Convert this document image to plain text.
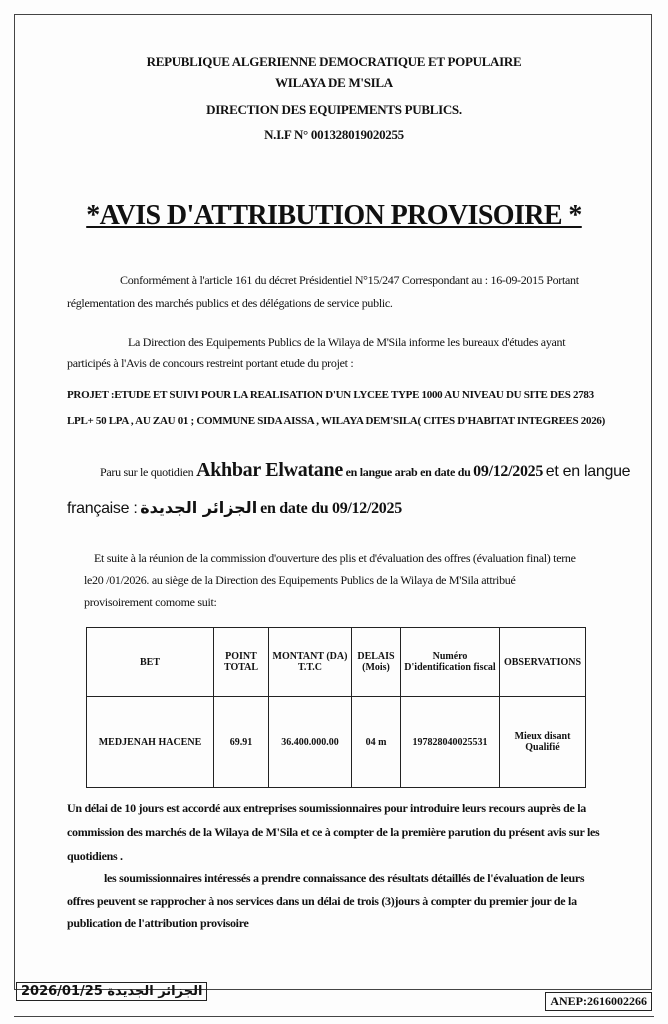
REPUBLIQUE ALGERIENNE DEMOCRATIQUE ET POPULAIRE
WILAYA DE M'SILA
DIRECTION DES EQUIPEMENTS PUBLICS.
N.I.F N° 001328019020255
*AVIS D'ATTRIBUTION PROVISOIRE *
Conformément à l'article 161 du décret Présidentiel N°15/247 Correspondant au : 16-09-2015 Portant
réglementation des marchés publics et des délégations de service public.
La Direction des Equipements Publics de la Wilaya de M'Sila informe les bureaux d'études ayant
participés à l'Avis de concours restreint portant etude du projet :
PROJET :ETUDE ET SUIVI POUR LA REALISATION D'UN LYCEE TYPE 1000 AU NIVEAU DU SITE DES 2783
LPL+ 50 LPA , AU ZAU 01 ; COMMUNE SIDA AISSA , WILAYA DEM'SILA( CITES D'HABITAT INTEGREES 2026)
Paru sur le quotidien Akhbar Elwatane en langue arab en date du 09/12/2025 et en langue
française : الجزائر الجديدة en date du 09/12/2025
Et suite à la réunion de la commission d'ouverture des plis et d'évaluation des offres (évaluation final) terne
le20 /01/2026. au siège de la Direction des Equipements Publics de la Wilaya de M'Sila attribué
provisoirement comome suit:
BET	POINT TOTAL	MONTANT (DA) T.T.C	DELAIS (Mois)	Numéro D'identification fiscal	OBSERVATIONS
MEDJENAH HACENE	69.91	36.400.000.00	04 m	197828040025531	Mieux disant Qualifié
Un délai de 10 jours est accordé aux entreprises soumissionnaires pour introduire leurs recours auprès de la
commission des marchés de la Wilaya de M'Sila et ce à compter de la première parution du présent avis sur les
quotidiens .
les soumissionnaires intéressés a prendre connaissance des résultats détaillés de l'évaluation de leurs
offres peuvent se rapprocher à nos services dans un délai de trois (3)jours à compter du premier jour de la
publication de l'attribution provisoire
الجزائر الجديدة 2026/01/25
ANEP:2616002266
